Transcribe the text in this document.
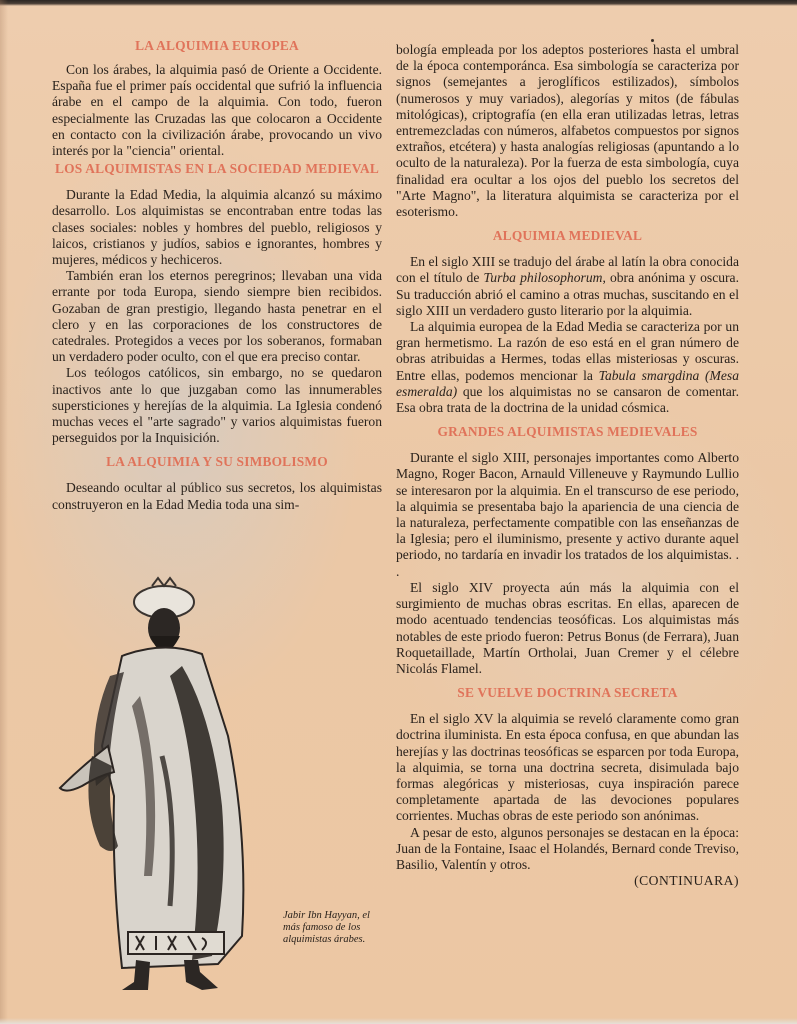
LA ALQUIMIA EUROPEA

Con los árabes, la alquimia pasó de Oriente a Occidente. España fue el primer país occidental que sufrió la influencia árabe en el campo de la alquimia. Con todo, fueron especialmente las Cruzadas las que colocaron a Occidente en contacto con la civilización árabe, provocando un vivo interés por la "ciencia" oriental.

LOS ALQUIMISTAS EN LA SOCIEDAD MEDIEVAL

Durante la Edad Media, la alquimia alcanzó su máximo desarrollo. Los alquimistas se encontraban entre todas las clases sociales: nobles y hombres del pueblo, religiosos y laicos, cristianos y judíos, sabios e ignorantes, hombres y mujeres, médicos y hechiceros.

También eran los eternos peregrinos; llevaban una vida errante por toda Europa, siendo siempre bien recibidos. Gozaban de gran prestigio, llegando hasta penetrar en el clero y en las corporaciones de los constructores de catedrales. Protegidos a veces por los soberanos, formaban un verdadero poder oculto, con el que era preciso contar.

Los teólogos católicos, sin embargo, no se quedaron inactivos ante lo que juzgaban como las innumerables supersticiones y herejías de la alquimia. La Iglesia condenó muchas veces el "arte sagrado" y varios alquimistas fueron perseguidos por la Inquisición.

LA ALQUIMIA Y SU SIMBOLISMO

Deseando ocultar al público sus secretos, los alquimistas construyeron en la Edad Media toda una sim-

Jabir Ibn Hayyan, el más famoso de los alquimistas árabes.

bología empleada por los adeptos posteriores hasta el umbral de la época contemporánca. Esa simbología se caracteriza por signos (semejantes a jeroglíficos estilizados), símbolos (numerosos y muy variados), alegorías y mitos (de fábulas mitológicas), criptografía (en ella eran utilizadas letras, letras entremezcladas con números, alfabetos compuestos por signos extraños, etcétera) y hasta analogías religiosas (apuntando a lo oculto de la naturaleza). Por la fuerza de esta simbología, cuya finalidad era ocultar a los ojos del pueblo los secretos del "Arte Magno", la literatura alquimista se caracteriza por el esoterismo.

ALQUIMIA MEDIEVAL

En el siglo XIII se tradujo del árabe al latín la obra conocida con el título de Turba philosophorum, obra anónima y oscura. Su traducción abrió el camino a otras muchas, suscitando en el siglo XIII un verdadero gusto literario por la alquimia.

La alquimia europea de la Edad Media se caracteriza por un gran hermetismo. La razón de eso está en el gran número de obras atribuidas a Hermes, todas ellas misteriosas y oscuras. Entre ellas, podemos mencionar la Tabula smargdina (Mesa esmeralda) que los alquimistas no se cansaron de comentar. Esa obra trata de la doctrina de la unidad cósmica.

GRANDES ALQUIMISTAS MEDIEVALES

Durante el siglo XIII, personajes importantes como Alberto Magno, Roger Bacon, Arnauld Villeneuve y Raymundo Lullio se interesaron por la alquimia. En el transcurso de ese periodo, la alquimia se presentaba bajo la apariencia de una ciencia de la naturaleza, perfectamente compatible con las enseñanzas de la Iglesia; pero el iluminismo, presente y activo durante aquel periodo, no tardaría en invadir los tratados de los alquimistas. . .

El siglo XIV proyecta aún más la alquimia con el surgimiento de muchas obras escritas. En ellas, aparecen de modo acentuado tendencias teosóficas. Los alquimistas más notables de este priodo fueron: Petrus Bonus (de Ferrara), Juan Roquetaillade, Martín Ortholai, Juan Cremer y el célebre Nicolás Flamel.

SE VUELVE DOCTRINA SECRETA

En el siglo XV la alquimia se reveló claramente como gran doctrina iluminista. En esta época confusa, en que abundan las herejías y las doctrinas teosóficas se esparcen por toda Europa, la alquimia, se torna una doctrina secreta, disimulada bajo formas alegóricas y misteriosas, cuya inspiración parece completamente apartada de las devociones populares corrientes. Muchas obras de este periodo son anónimas.

A pesar de esto, algunos personajes se destacan en la época: Juan de la Fontaine, Isaac el Holandés, Bernard conde Treviso, Basilio, Valentín y otros.

(CONTINUARA)
